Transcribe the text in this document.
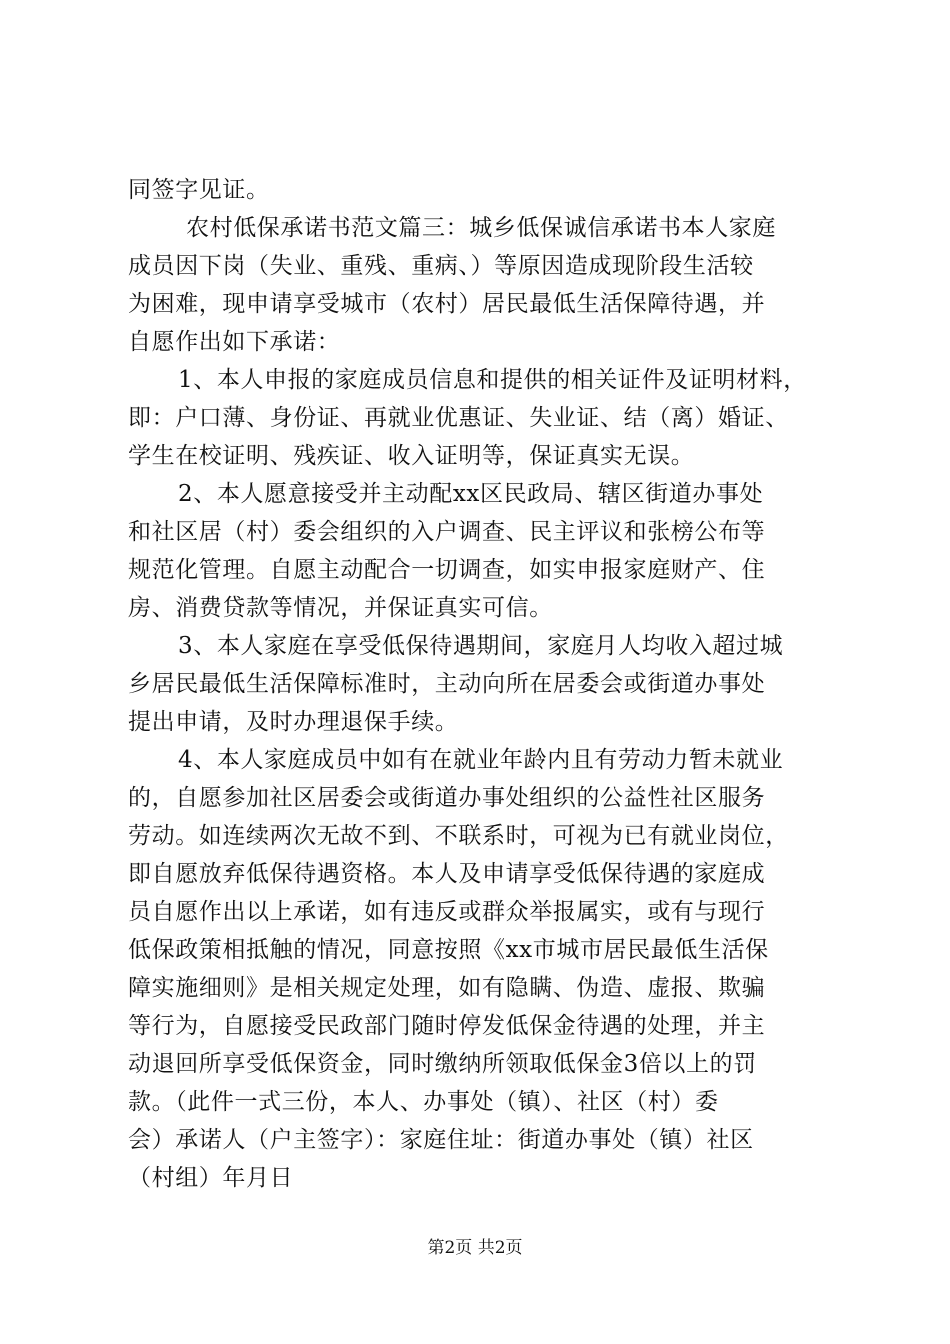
同签字见证。
农村低保承诺书范文篇三：城乡低保诚信承诺书本人家庭
成员因下岗（失业、重残、重病、）等原因造成现阶段生活较
为困难，现申请享受城市（农村）居民最低生活保障待遇，并
自愿作出如下承诺：
1、本人申报的家庭成员信息和提供的相关证件及证明材料，
即：户口薄、身份证、再就业优惠证、失业证、结（离）婚证、
学生在校证明、残疾证、收入证明等，保证真实无误。
2、本人愿意接受并主动配xx区民政局、辖区街道办事处
和社区居（村）委会组织的入户调查、民主评议和张榜公布等
规范化管理。自愿主动配合一切调查，如实申报家庭财产、住
房、消费贷款等情况，并保证真实可信。
3、本人家庭在享受低保待遇期间，家庭月人均收入超过城
乡居民最低生活保障标准时，主动向所在居委会或街道办事处
提出申请，及时办理退保手续。
4、本人家庭成员中如有在就业年龄内且有劳动力暂未就业
的，自愿参加社区居委会或街道办事处组织的公益性社区服务
劳动。如连续两次无故不到、不联系时，可视为已有就业岗位，
即自愿放弃低保待遇资格。本人及申请享受低保待遇的家庭成
员自愿作出以上承诺，如有违反或群众举报属实，或有与现行
低保政策相抵触的情况，同意按照《xx市城市居民最低生活保
障实施细则》是相关规定处理，如有隐瞒、伪造、虚报、欺骗
等行为，自愿接受民政部门随时停发低保金待遇的处理，并主
动退回所享受低保资金，同时缴纳所领取低保金3倍以上的罚
款。（此件一式三份，本人、办事处（镇）、社区（村）委
会）承诺人（户主签字）：家庭住址：街道办事处（镇）社区
（村组）年月日
第2页 共2页
